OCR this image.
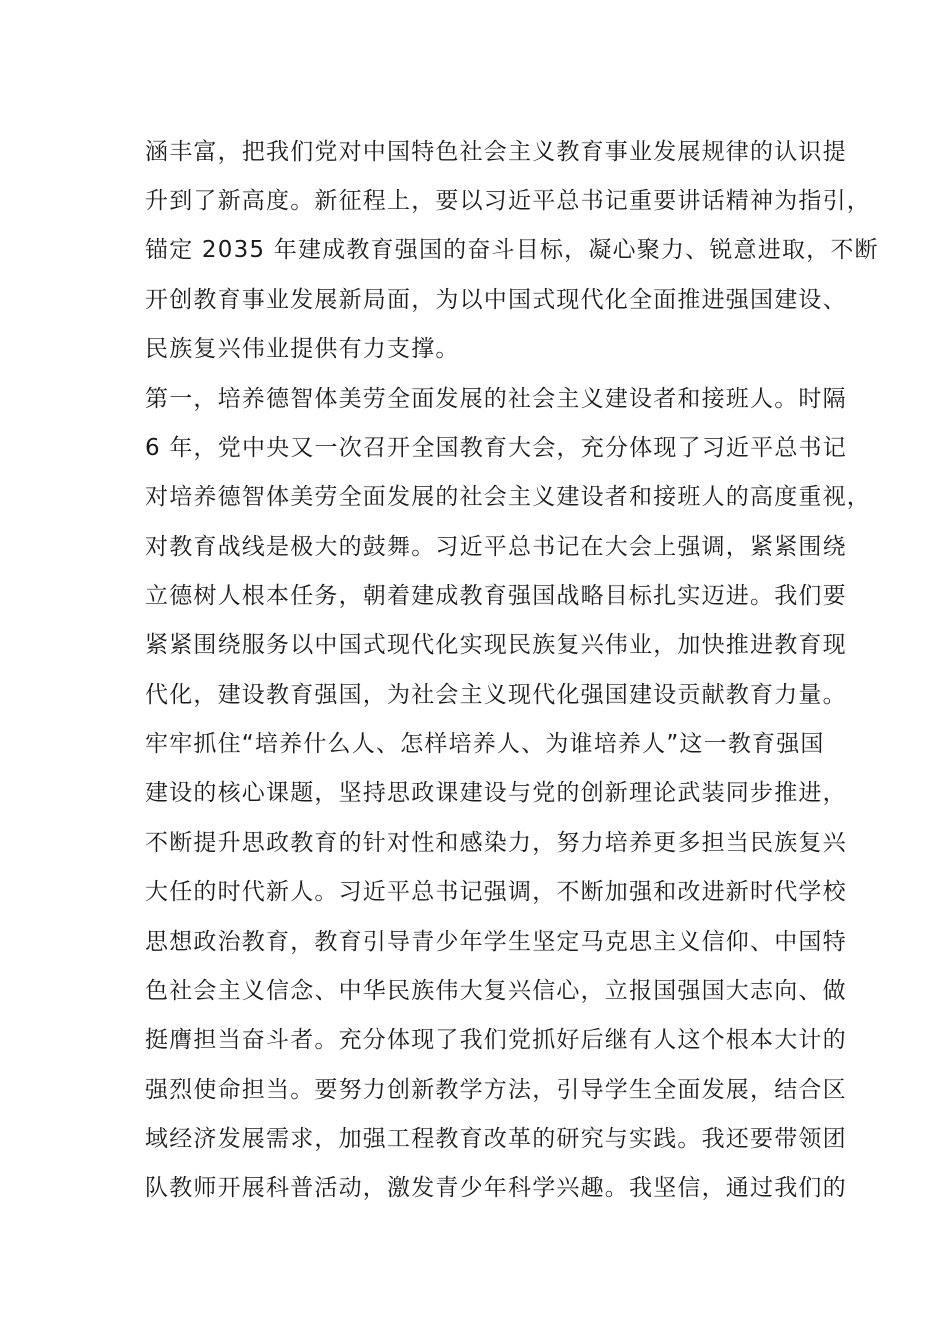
涵丰富，把我们党对中国特色社会主义教育事业发展规律的认识提
升到了新高度。新征程上，要以习近平总书记重要讲话精神为指引，
锚定 2035 年建成教育强国的奋斗目标，凝心聚力、锐意进取，不断
开创教育事业发展新局面，为以中国式现代化全面推进强国建设、
民族复兴伟业提供有力支撑。
第一，培养德智体美劳全面发展的社会主义建设者和接班人。时隔
6 年，党中央又一次召开全国教育大会，充分体现了习近平总书记
对培养德智体美劳全面发展的社会主义建设者和接班人的高度重视，
对教育战线是极大的鼓舞。习近平总书记在大会上强调，紧紧围绕
立德树人根本任务，朝着建成教育强国战略目标扎实迈进。我们要
紧紧围绕服务以中国式现代化实现民族复兴伟业，加快推进教育现
代化，建设教育强国，为社会主义现代化强国建设贡献教育力量。
牢牢抓住“培养什么人、怎样培养人、为谁培养人”这一教育强国
建设的核心课题，坚持思政课建设与党的创新理论武装同步推进，
不断提升思政教育的针对性和感染力，努力培养更多担当民族复兴
大任的时代新人。习近平总书记强调，不断加强和改进新时代学校
思想政治教育，教育引导青少年学生坚定马克思主义信仰、中国特
色社会主义信念、中华民族伟大复兴信心，立报国强国大志向、做
挺膺担当奋斗者。充分体现了我们党抓好后继有人这个根本大计的
强烈使命担当。要努力创新教学方法，引导学生全面发展，结合区
域经济发展需求，加强工程教育改革的研究与实践。我还要带领团
队教师开展科普活动，激发青少年科学兴趣。我坚信，通过我们的
